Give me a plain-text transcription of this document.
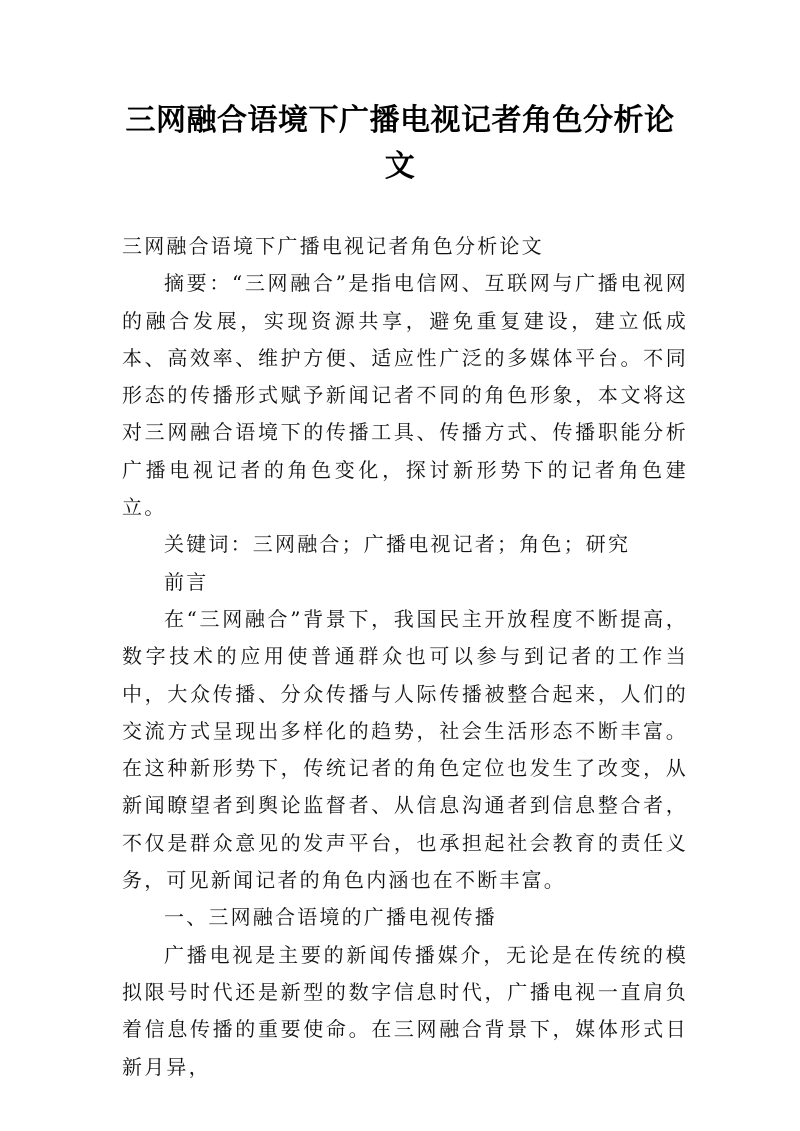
三网融合语境下广播电视记者角色分析论
文

三网融合语境下广播电视记者角色分析论文

摘要：“三网融合”是指电信网、互联网与广播电视网的融合发展，实现资源共享，避免重复建设，建立低成本、高效率、维护方便、适应性广泛的多媒体平台。不同形态的传播形式赋予新闻记者不同的角色形象，本文将这对三网融合语境下的传播工具、传播方式、传播职能分析广播电视记者的角色变化，探讨新形势下的记者角色建立。

关键词：三网融合；广播电视记者；角色；研究

前言

在“三网融合”背景下，我国民主开放程度不断提高，数字技术的应用使普通群众也可以参与到记者的工作当中，大众传播、分众传播与人际传播被整合起来，人们的交流方式呈现出多样化的趋势，社会生活形态不断丰富。在这种新形势下，传统记者的角色定位也发生了改变，从新闻瞭望者到舆论监督者、从信息沟通者到信息整合者，不仅是群众意见的发声平台，也承担起社会教育的责任义务，可见新闻记者的角色内涵也在不断丰富。

一、三网融合语境的广播电视传播

广播电视是主要的新闻传播媒介，无论是在传统的模拟限号时代还是新型的数字信息时代，广播电视一直肩负着信息传播的重要使命。在三网融合背景下，媒体形式日新月异，
